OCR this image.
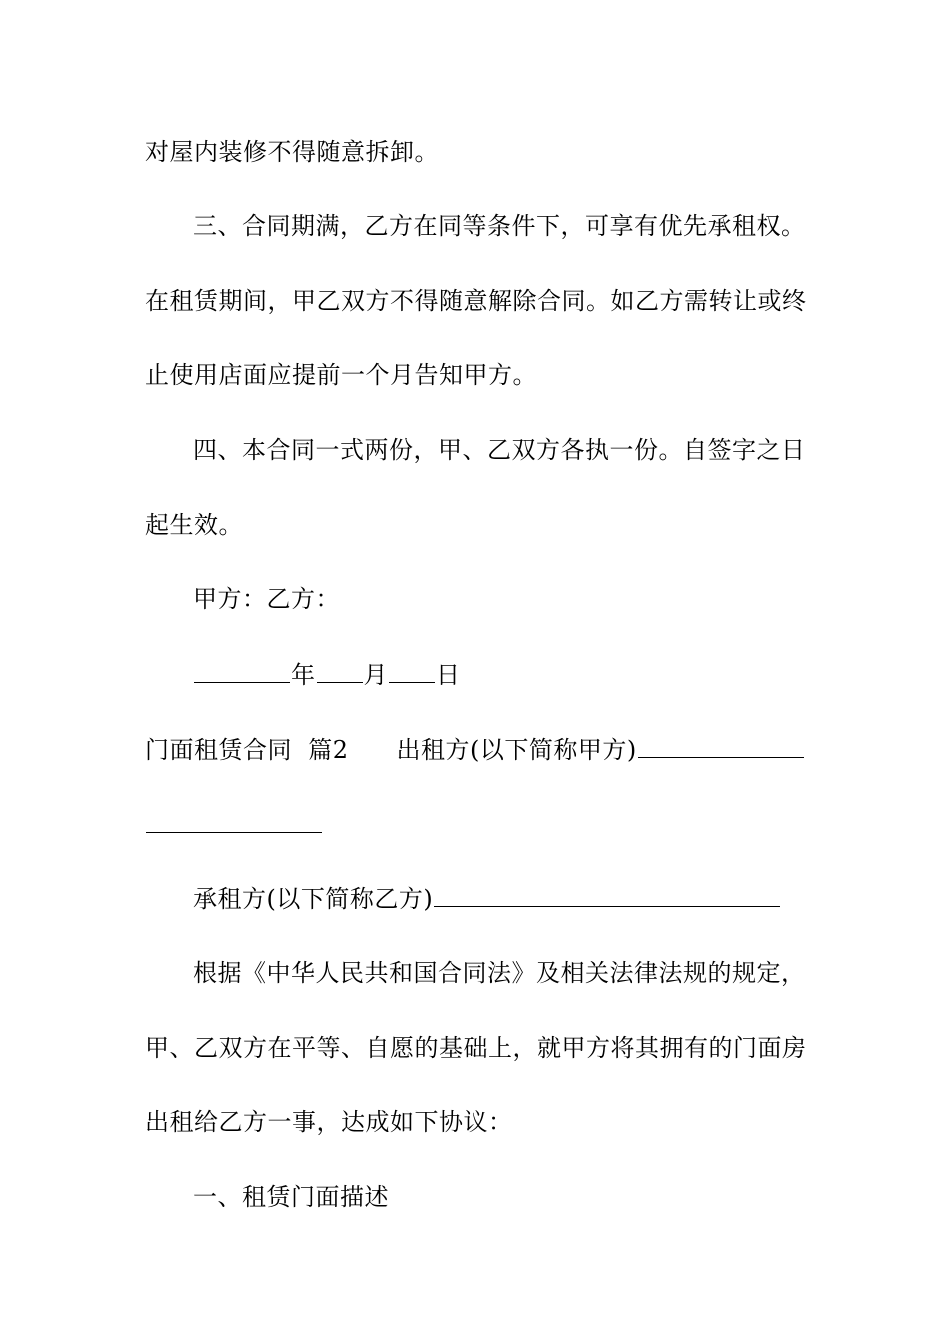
对屋内装修不得随意拆卸。
三、合同期满，乙方在同等条件下，可享有优先承租权。
在租赁期间，甲乙双方不得随意解除合同。如乙方需转让或终
止使用店面应提前一个月告知甲方。
四、本合同一式两份，甲、乙双方各执一份。自签字之日
起生效。
甲方：乙方：
年 月 日
门面租赁合同  篇2 出租方(以下简称甲方)
承租方(以下简称乙方)
根据《中华人民共和国合同法》及相关法律法规的规定，
甲、乙双方在平等、自愿的基础上，就甲方将其拥有的门面房
出租给乙方一事，达成如下协议：
一、租赁门面描述
